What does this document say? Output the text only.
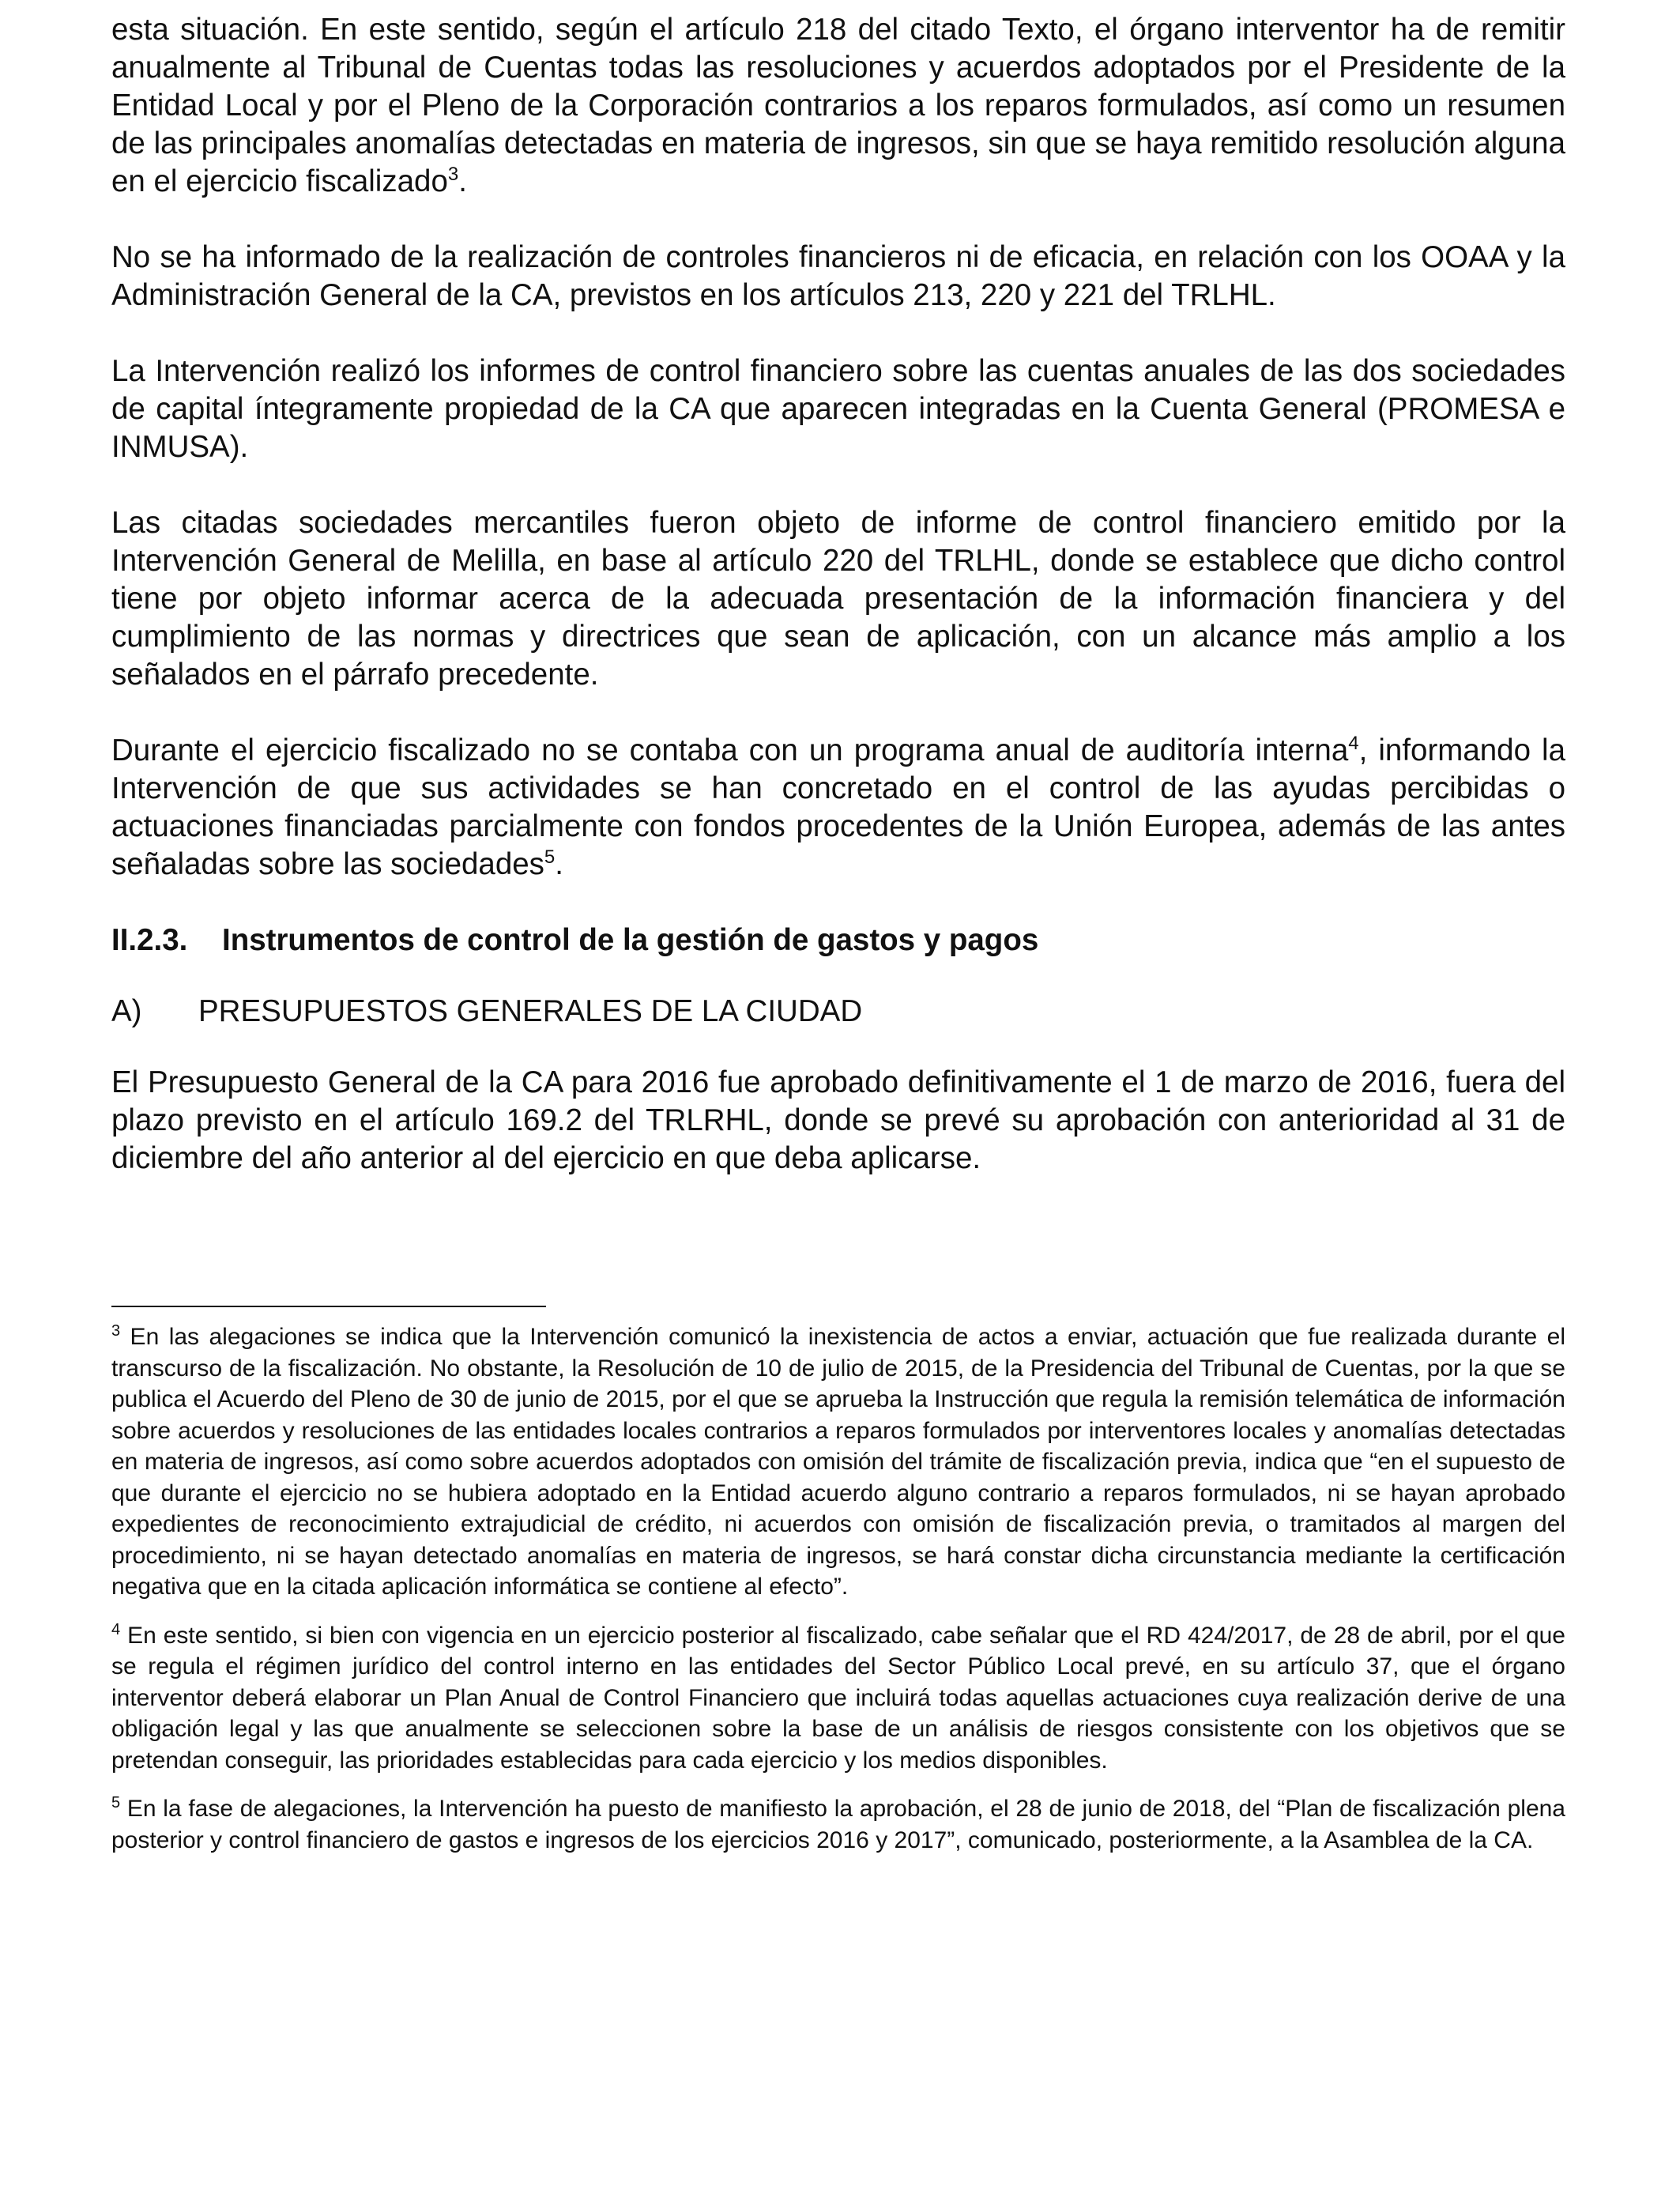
esta situación. En este sentido, según el artículo 218 del citado Texto, el órgano interventor ha de remitir anualmente al Tribunal de Cuentas todas las resoluciones y acuerdos adoptados por el Presidente de la Entidad Local y por el Pleno de la Corporación contrarios a los reparos formulados, así como un resumen de las principales anomalías detectadas en materia de ingresos, sin que se haya remitido resolución alguna en el ejercicio fiscalizado$^3$.

No se ha informado de la realización de controles financieros ni de eficacia, en relación con los OOAA y la Administración General de la CA, previstos en los artículos 213, 220 y 221 del TRLHL.

La Intervención realizó los informes de control financiero sobre las cuentas anuales de las dos sociedades de capital íntegramente propiedad de la CA que aparecen integradas en la Cuenta General (PROMESA e INMUSA).

Las citadas sociedades mercantiles fueron objeto de informe de control financiero emitido por la Intervención General de Melilla, en base al artículo 220 del TRLHL, donde se establece que dicho control tiene por objeto informar acerca de la adecuada presentación de la información financiera y del cumplimiento de las normas y directrices que sean de aplicación, con un alcance más amplio a los señalados en el párrafo precedente.

Durante el ejercicio fiscalizado no se contaba con un programa anual de auditoría interna$^4$, informando la Intervención de que sus actividades se han concretado en el control de las ayudas percibidas o actuaciones financiadas parcialmente con fondos procedentes de la Unión Europea, además de las antes señaladas sobre las sociedades$^5$.

II.2.3.	Instrumentos de control de la gestión de gastos y pagos
A)	PRESUPUESTOS GENERALES DE LA CIUDAD

El Presupuesto General de la CA para 2016 fue aprobado definitivamente el 1 de marzo de 2016, fuera del plazo previsto en el artículo 169.2 del TRLRHL, donde se prevé su aprobación con anterioridad al 31 de diciembre del año anterior al del ejercicio en que deba aplicarse.

$^3$ En las alegaciones se indica que la Intervención comunicó la inexistencia de actos a enviar, actuación que fue realizada durante el transcurso de la fiscalización. No obstante, la Resolución de 10 de julio de 2015, de la Presidencia del Tribunal de Cuentas, por la que se publica el Acuerdo del Pleno de 30 de junio de 2015, por el que se aprueba la Instrucción que regula la remisión telemática de información sobre acuerdos y resoluciones de las entidades locales contrarios a reparos formulados por interventores locales y anomalías detectadas en materia de ingresos, así como sobre acuerdos adoptados con omisión del trámite de fiscalización previa, indica que “en el supuesto de que durante el ejercicio no se hubiera adoptado en la Entidad acuerdo alguno contrario a reparos formulados, ni se hayan aprobado expedientes de reconocimiento extrajudicial de crédito, ni acuerdos con omisión de fiscalización previa, o tramitados al margen del procedimiento, ni se hayan detectado anomalías en materia de ingresos, se hará constar dicha circunstancia mediante la certificación negativa que en la citada aplicación informática se contiene al efecto”.

$^4$ En este sentido, si bien con vigencia en un ejercicio posterior al fiscalizado, cabe señalar que el RD 424/2017, de 28 de abril, por el que se regula el régimen jurídico del control interno en las entidades del Sector Público Local prevé, en su artículo 37, que el órgano interventor deberá elaborar un Plan Anual de Control Financiero que incluirá todas aquellas actuaciones cuya realización derive de una obligación legal y las que anualmente se seleccionen sobre la base de un análisis de riesgos consistente con los objetivos que se pretendan conseguir, las prioridades establecidas para cada ejercicio y los medios disponibles.

$^5$ En la fase de alegaciones, la Intervención ha puesto de manifiesto la aprobación, el 28 de junio de 2018, del “Plan de fiscalización plena posterior y control financiero de gastos e ingresos de los ejercicios 2016 y 2017”, comunicado, posteriormente, a la Asamblea de la CA.
